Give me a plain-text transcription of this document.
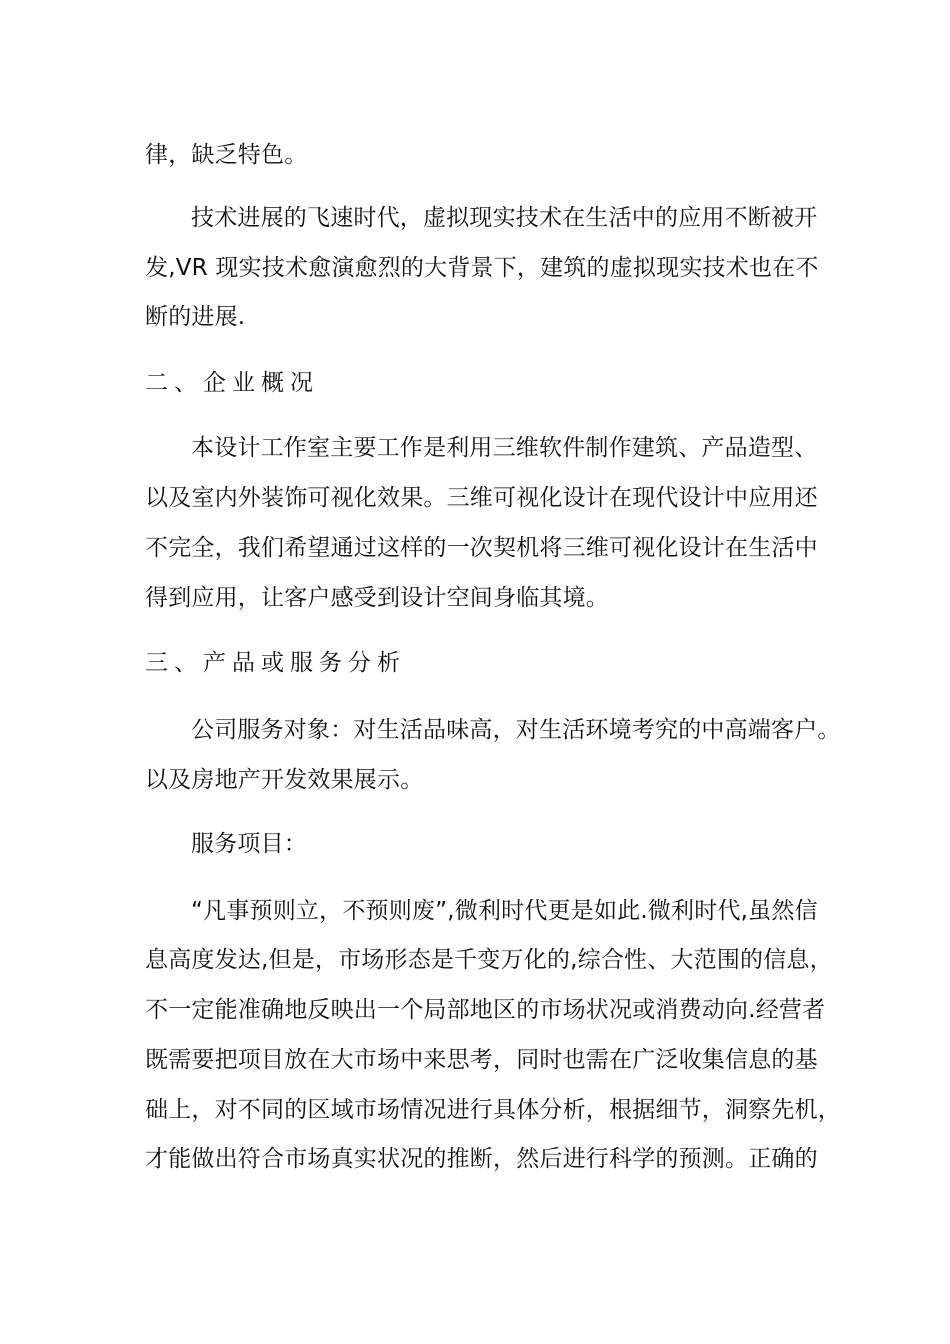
律，缺乏特色。
技术进展的飞速时代，虚拟现实技术在生活中的应用不断被开
发,VR 现实技术愈演愈烈的大背景下，建筑的虚拟现实技术也在不
断的进展.
二、企业概况
本设计工作室主要工作是利用三维软件制作建筑、产品造型、
以及室内外装饰可视化效果。三维可视化设计在现代设计中应用还
不完全，我们希望通过这样的一次契机将三维可视化设计在生活中
得到应用，让客户感受到设计空间身临其境。
三、产品或服务分析
公司服务对象：对生活品味高，对生活环境考究的中高端客户。
以及房地产开发效果展示。
服务项目：
“凡事预则立，不预则废”,微利时代更是如此.微利时代,虽然信
息高度发达,但是，市场形态是千变万化的,综合性、大范围的信息，
不一定能准确地反映出一个局部地区的市场状况或消费动向.经营者
既需要把项目放在大市场中来思考，同时也需在广泛收集信息的基
础上，对不同的区域市场情况进行具体分析，根据细节，洞察先机，
才能做出符合市场真实状况的推断，然后进行科学的预测。正确的
